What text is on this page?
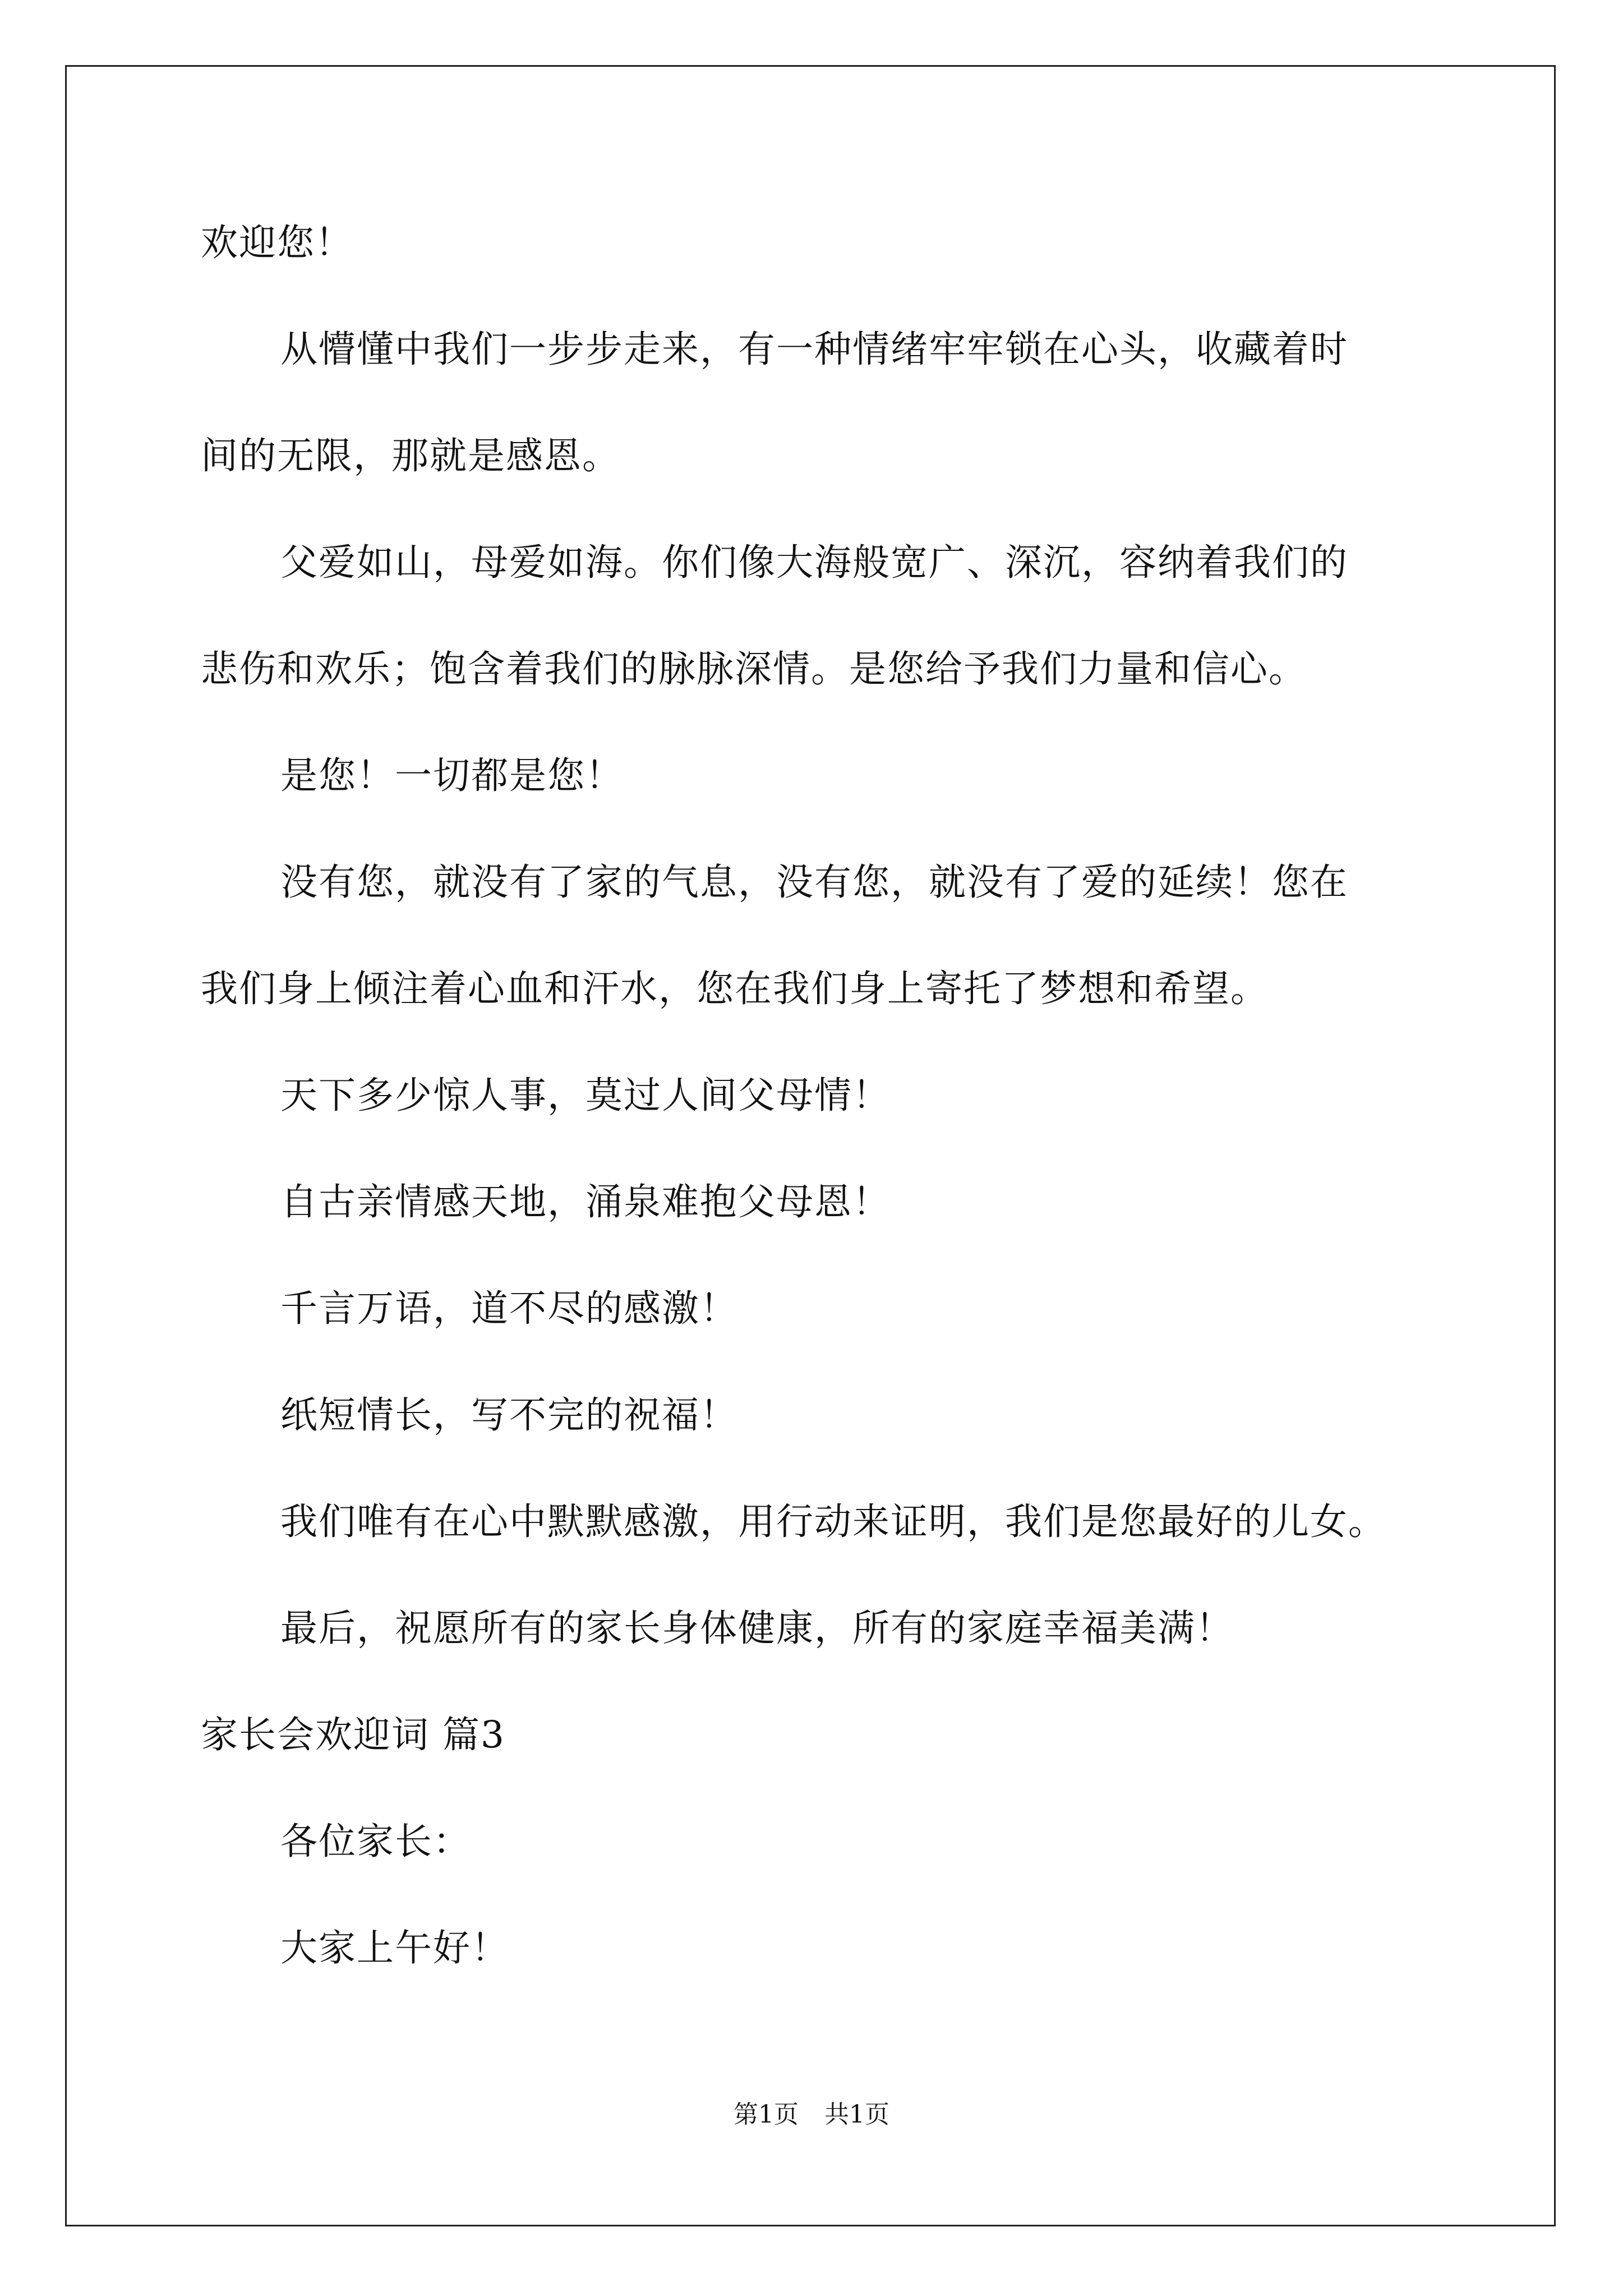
欢迎您！
从懵懂中我们一步步走来，有一种情绪牢牢锁在心头，收藏着时
间的无限，那就是感恩。
父爱如山，母爱如海。你们像大海般宽广、深沉，容纳着我们的
悲伤和欢乐；饱含着我们的脉脉深情。是您给予我们力量和信心。
是您！一切都是您！
没有您，就没有了家的气息，没有您，就没有了爱的延续！您在
我们身上倾注着心血和汗水，您在我们身上寄托了梦想和希望。
天下多少惊人事，莫过人间父母情！
自古亲情感天地，涌泉难抱父母恩！
千言万语，道不尽的感激！
纸短情长，写不完的祝福！
我们唯有在心中默默感激，用行动来证明，我们是您最好的儿女。
最后，祝愿所有的家长身体健康，所有的家庭幸福美满！
家长会欢迎词 篇3
各位家长：
大家上午好！
第1页 共1页
